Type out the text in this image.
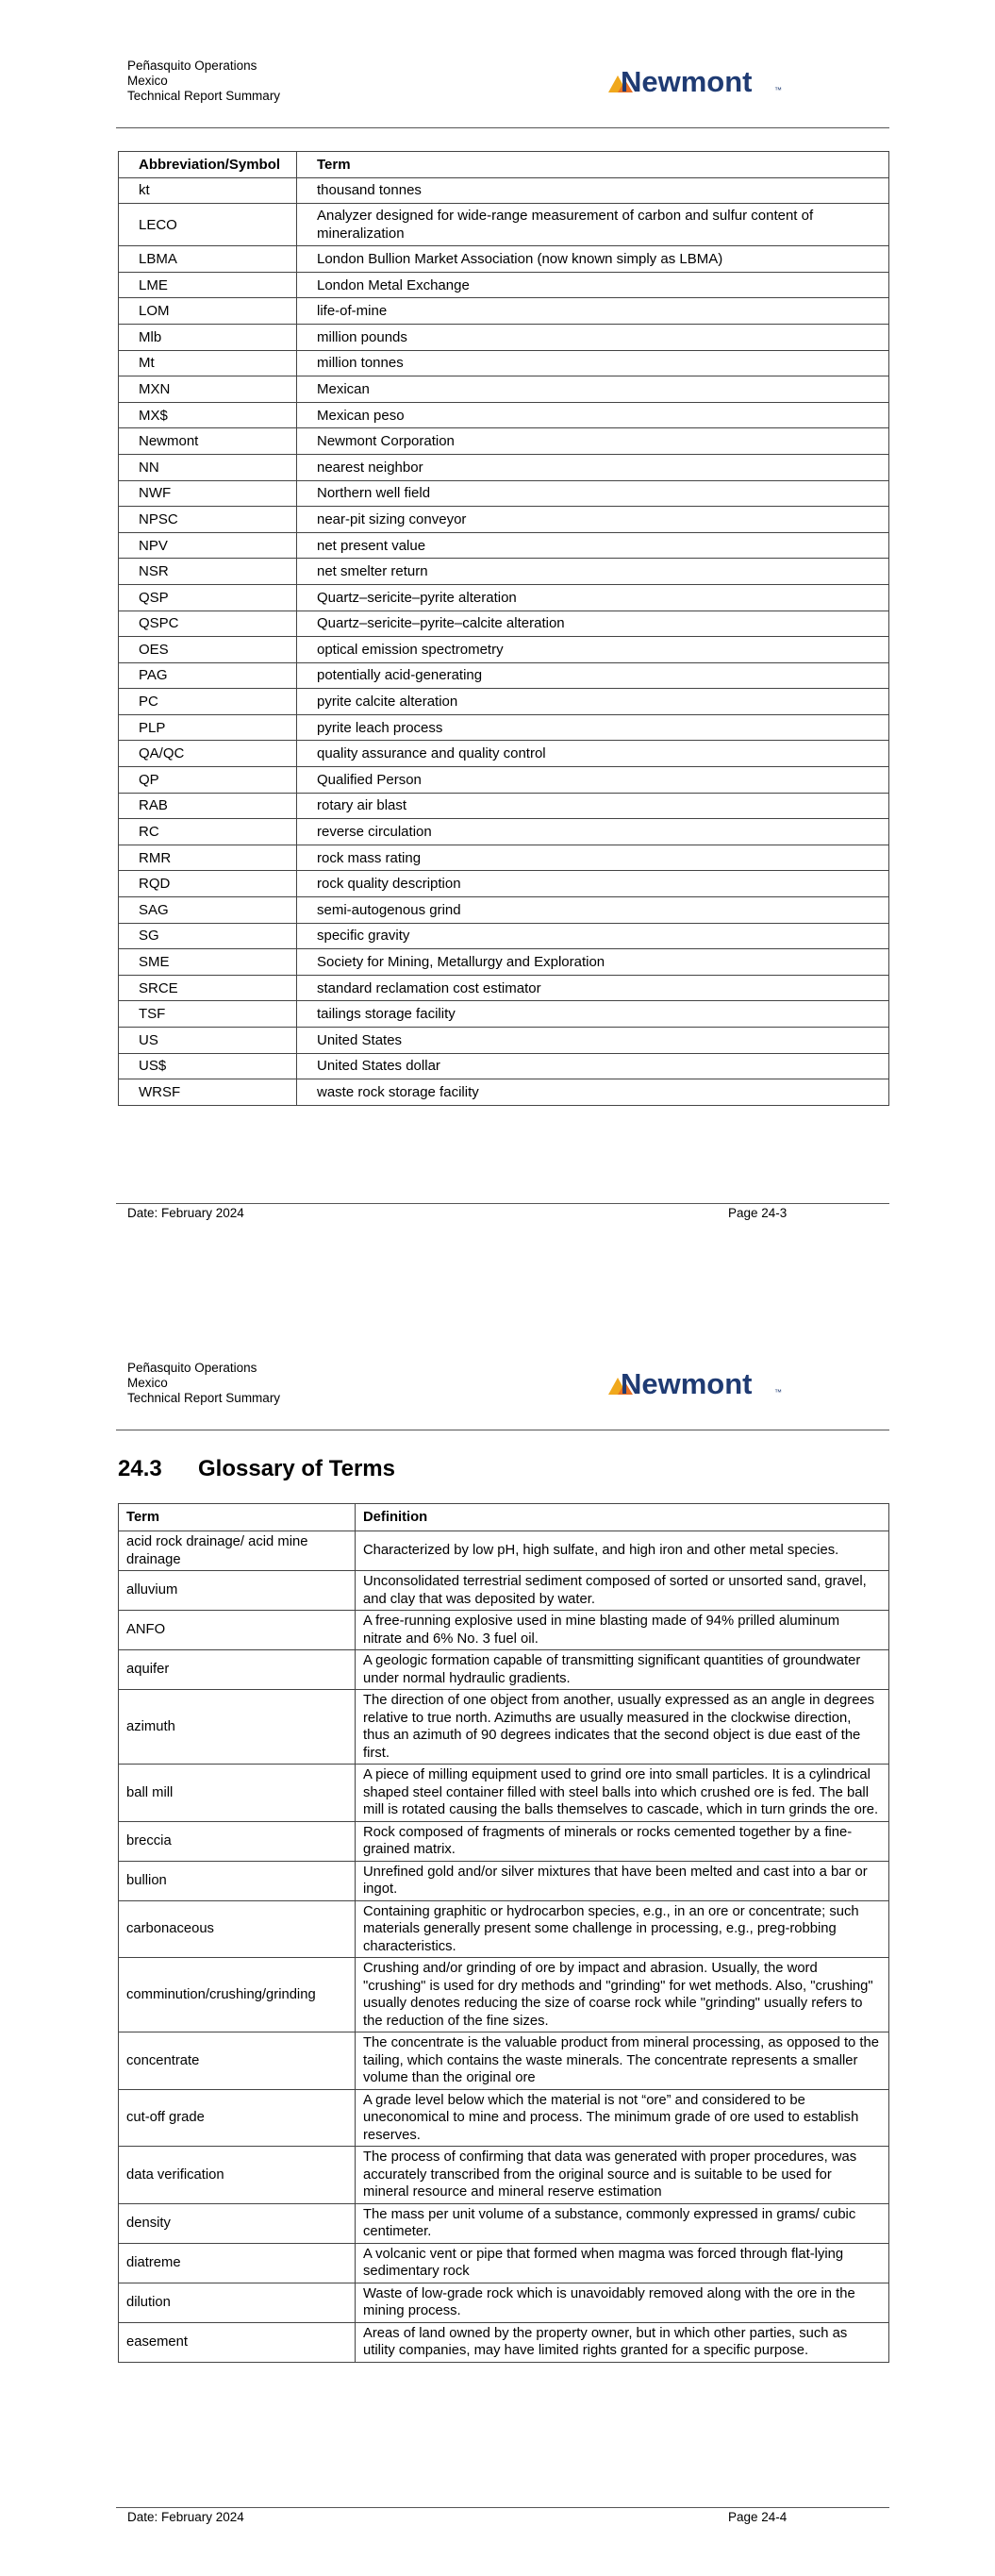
Peñasquito Operations
Mexico
Technical Report Summary	Newmont	™
Abbreviation/Symbol	Term
kt	thousand tonnes
LECO	Analyzer designed for wide-range measurement of carbon and sulfur content of mineralization
LBMA	London Bullion Market Association (now known simply as LBMA)
LME	London Metal Exchange
LOM	life-of-mine
Mlb	million pounds
Mt	million tonnes
MXN	Mexican
MX$	Mexican peso
Newmont	Newmont Corporation
NN	nearest neighbor
NWF	Northern well field
NPSC	near-pit sizing conveyor
NPV	net present value
NSR	net smelter return
QSP	Quartz–sericite–pyrite alteration
QSPC	Quartz–sericite–pyrite–calcite alteration
OES	optical emission spectrometry
PAG	potentially acid-generating
PC	pyrite calcite alteration
PLP	pyrite leach process
QA/QC	quality assurance and quality control
QP	Qualified Person
RAB	rotary air blast
RC	reverse circulation
RMR	rock mass rating
RQD	rock quality description
SAG	semi-autogenous grind
SG	specific gravity
SME	Society for Mining, Metallurgy and Exploration
SRCE	standard reclamation cost estimator
TSF	tailings storage facility
US	United States
US$	United States dollar
WRSF	waste rock storage facility
Date: February 2024	Page 24-3
Peñasquito Operations
Mexico
Technical Report Summary	Newmont	™
24.3 Glossary of Terms
Term	Definition
acid rock drainage/ acid mine drainage	Characterized by low pH, high sulfate, and high iron and other metal species.
alluvium	Unconsolidated terrestrial sediment composed of sorted or unsorted sand, gravel, and clay that was deposited by water.
ANFO	A free-running explosive used in mine blasting made of 94% prilled aluminum nitrate and 6% No. 3 fuel oil.
aquifer	A geologic formation capable of transmitting significant quantities of groundwater under normal hydraulic gradients.
azimuth	The direction of one object from another, usually expressed as an angle in degrees relative to true north. Azimuths are usually measured in the clockwise direction, thus an azimuth of 90 degrees indicates that the second object is due east of the first.
ball mill	A piece of milling equipment used to grind ore into small particles. It is a cylindrical shaped steel container filled with steel balls into which crushed ore is fed. The ball mill is rotated causing the balls themselves to cascade, which in turn grinds the ore.
breccia	Rock composed of fragments of minerals or rocks cemented together by a fine-grained matrix.
bullion	Unrefined gold and/or silver mixtures that have been melted and cast into a bar or ingot.
carbonaceous	Containing graphitic or hydrocarbon species, e.g., in an ore or concentrate; such materials generally present some challenge in processing, e.g., preg-robbing characteristics.
comminution/crushing/grinding	Crushing and/or grinding of ore by impact and abrasion. Usually, the word "crushing" is used for dry methods and "grinding" for wet methods. Also, "crushing" usually denotes reducing the size of coarse rock while "grinding" usually refers to the reduction of the fine sizes.
concentrate	The concentrate is the valuable product from mineral processing, as opposed to the tailing, which contains the waste minerals. The concentrate represents a smaller volume than the original ore
cut-off grade	A grade level below which the material is not “ore” and considered to be uneconomical to mine and process. The minimum grade of ore used to establish reserves.
data verification	The process of confirming that data was generated with proper procedures, was accurately transcribed from the original source and is suitable to be used for mineral resource and mineral reserve estimation
density	The mass per unit volume of a substance, commonly expressed in grams/ cubic centimeter.
diatreme	A volcanic vent or pipe that formed when magma was forced through flat-lying sedimentary rock
dilution	Waste of low-grade rock which is unavoidably removed along with the ore in the mining process.
easement	Areas of land owned by the property owner, but in which other parties, such as utility companies, may have limited rights granted for a specific purpose.
Date: February 2024	Page 24-4
